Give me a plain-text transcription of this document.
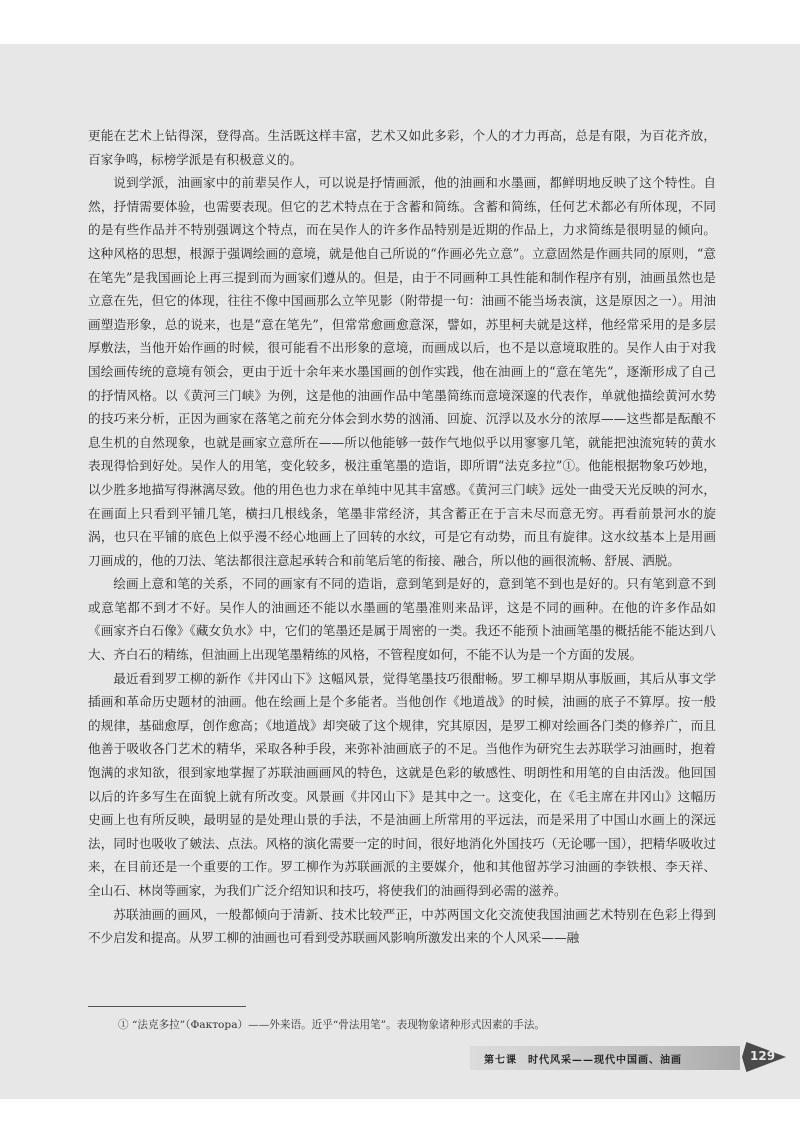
更能在艺术上钻得深，登得高。生活既这样丰富，艺术又如此多彩，个人的才力再高，总是有限，为百花齐放，百家争鸣，标榜学派是有积极意义的。

说到学派，油画家中的前辈吴作人，可以说是抒情画派，他的油画和水墨画，都鲜明地反映了这个特性。自然，抒情需要体验，也需要表现。但它的艺术特点在于含蓄和简练。含蓄和简练，任何艺术都必有所体现，不同的是有些作品并不特别强调这个特点，而在吴作人的许多作品特别是近期的作品上，力求简练是很明显的倾向。这种风格的思想，根源于强调绘画的意境，就是他自己所说的“作画必先立意”。立意固然是作画共同的原则，“意在笔先”是我国画论上再三提到而为画家们遵从的。但是，由于不同画种工具性能和制作程序有别，油画虽然也是立意在先，但它的体现，往往不像中国画那么立竿见影（附带提一句：油画不能当场表演，这是原因之一）。用油画塑造形象，总的说来，也是“意在笔先”，但常常愈画愈意深，譬如，苏里柯夫就是这样，他经常采用的是多层厚敷法，当他开始作画的时候，很可能看不出形象的意境，而画成以后，也不是以意境取胜的。吴作人由于对我国绘画传统的意境有领会，更由于近十余年来水墨国画的创作实践，他在油画上的“意在笔先”，逐渐形成了自己的抒情风格。以《黄河三门峡》为例，这是他的油画作品中笔墨简练而意境深邃的代表作，单就他描绘黄河水势的技巧来分析，正因为画家在落笔之前充分体会到水势的汹涌、回旋、沉浮以及水分的浓厚——这些都是酝酿不息生机的自然现象，也就是画家立意所在——所以他能够一鼓作气地似乎以用寥寥几笔，就能把浊流宛转的黄水表现得恰到好处。吴作人的用笔，变化较多，极注重笔墨的造诣，即所谓“法克多拉”①。他能根据物象巧妙地，以少胜多地描写得淋漓尽致。他的用色也力求在单纯中见其丰富感。《黄河三门峡》远处一曲受天光反映的河水，在画面上只看到平铺几笔，横扫几根线条，笔墨非常经济，其含蓄正在于言未尽而意无穷。再看前景河水的旋涡，也只在平铺的底色上似乎漫不经心地画上了回转的水纹，可是它有动势，而且有旋律。这水纹基本上是用画刀画成的，他的刀法、笔法都很注意起承转合和前笔后笔的衔接、融合，所以他的画很流畅、舒展、洒脱。

绘画上意和笔的关系，不同的画家有不同的造诣，意到笔到是好的，意到笔不到也是好的。只有笔到意不到或意笔都不到才不好。吴作人的油画还不能以水墨画的笔墨准则来品评，这是不同的画种。在他的许多作品如《画家齐白石像》《藏女负水》中，它们的笔墨还是属于周密的一类。我还不能预卜油画笔墨的概括能不能达到八大、齐白石的精练，但油画上出现笔墨精练的风格，不管程度如何，不能不认为是一个方面的发展。

最近看到罗工柳的新作《井冈山下》这幅风景，觉得笔墨技巧很酣畅。罗工柳早期从事版画，其后从事文学插画和革命历史题材的油画。他在绘画上是个多能者。当他创作《地道战》的时候，油画的底子不算厚。按一般的规律，基础愈厚，创作愈高；《地道战》却突破了这个规律，究其原因，是罗工柳对绘画各门类的修养广，而且他善于吸收各门艺术的精华，采取各种手段，来弥补油画底子的不足。当他作为研究生去苏联学习油画时，抱着饱满的求知欲，很到家地掌握了苏联油画画风的特色，这就是色彩的敏感性、明朗性和用笔的自由活泼。他回国以后的许多写生在面貌上就有所改变。风景画《井冈山下》是其中之一。这变化，在《毛主席在井冈山》这幅历史画上也有所反映，最明显的是处理山景的手法，不是油画上所常用的平远法，而是采用了中国山水画上的深远法，同时也吸收了皴法、点法。风格的演化需要一定的时间，很好地消化外国技巧（无论哪一国），把精华吸收过来，在目前还是一个重要的工作。罗工柳作为苏联画派的主要媒介，他和其他留苏学习油画的李铁根、李天祥、全山石、林岗等画家，为我们广泛介绍知识和技巧，将使我们的油画得到必需的滋养。

苏联油画的画风，一般都倾向于清新、技术比较严正，中苏两国文化交流使我国油画艺术特别在色彩上得到不少启发和提高。从罗工柳的油画也可看到受苏联画风影响所激发出来的个人风采——融

① “法克多拉”（Фактора）——外来语。近乎“骨法用笔”。表现物象诸种形式因素的手法。
第七课　时代风采——现代中国画、油画	129
